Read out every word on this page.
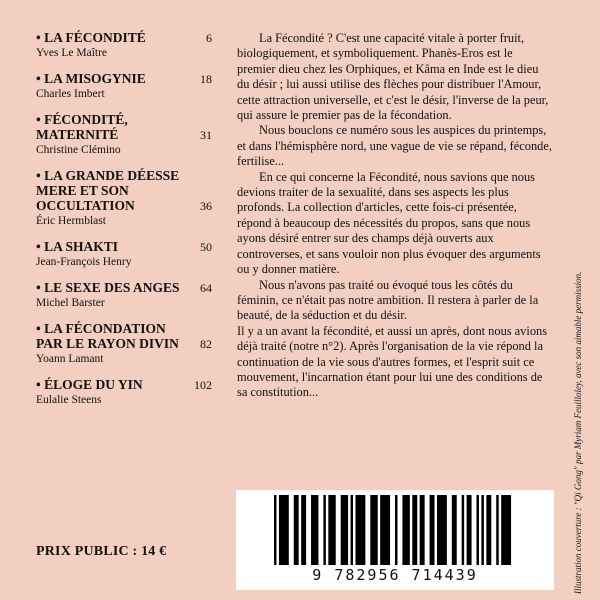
• LA FÉCONDITÉ	6
Yves Le Maître
• LA MISOGYNIE	18
Charles Imbert
• FÉCONDITÉ, MATERNITÉ	31
Christine Clémino
• LA GRANDE DÉESSE MERE ET SON OCCULTATION	36
Éric Hermblast
• LA SHAKTI	50
Jean-François Henry
• LE SEXE DES ANGES	64
Michel Barster
• LA FÉCONDATION PAR LE RAYON DIVIN	82
Yoann Lamant
• ÉLOGE DU YIN	102
Eulalie Steens
PRIX PUBLIC : 14 €

La Fécondité ? C'est une capacité vitale à porter fruit, biologiquement, et symboliquement. Phanès-Eros est le premier dieu chez les Orphiques, et Kâma en Inde est le dieu du désir ; lui aussi utilise des flèches pour distribuer l'Amour, cette attraction universelle, et c'est le désir, l'inverse de la peur, qui assure le premier pas de la fécondation.

Nous bouclons ce numéro sous les auspices du printemps, et dans l'hémisphère nord, une vague de vie se répand, féconde, fertilise...

En ce qui concerne la Fécondité, nous savions que nous devions traiter de la sexualité, dans ses aspects les plus profonds. La collection d'articles, cette fois-ci présentée, répond à beaucoup des nécessités du propos, sans que nous ayons désiré entrer sur des champs déjà ouverts aux controverses, et sans vouloir non plus évoquer des arguments ou y donner matière.

Nous n'avons pas traité ou évoqué tous les côtés du féminin, ce n'était pas notre ambition. Il restera à parler de la beauté, de la séduction et du désir.

Il y a un avant la fécondité, et aussi un après, dont nous avions déjà traité (notre n°2). Après l'organisation de la vie répond la continuation de la vie sous d'autres formes, et l'esprit suit ce mouvement, l'incarnation étant pour lui une des conditions de sa constitution...

9 782956 714439	Illustration couverture : "Qi Gong" par Myriam Feuilloley, avec son aimable permission.
